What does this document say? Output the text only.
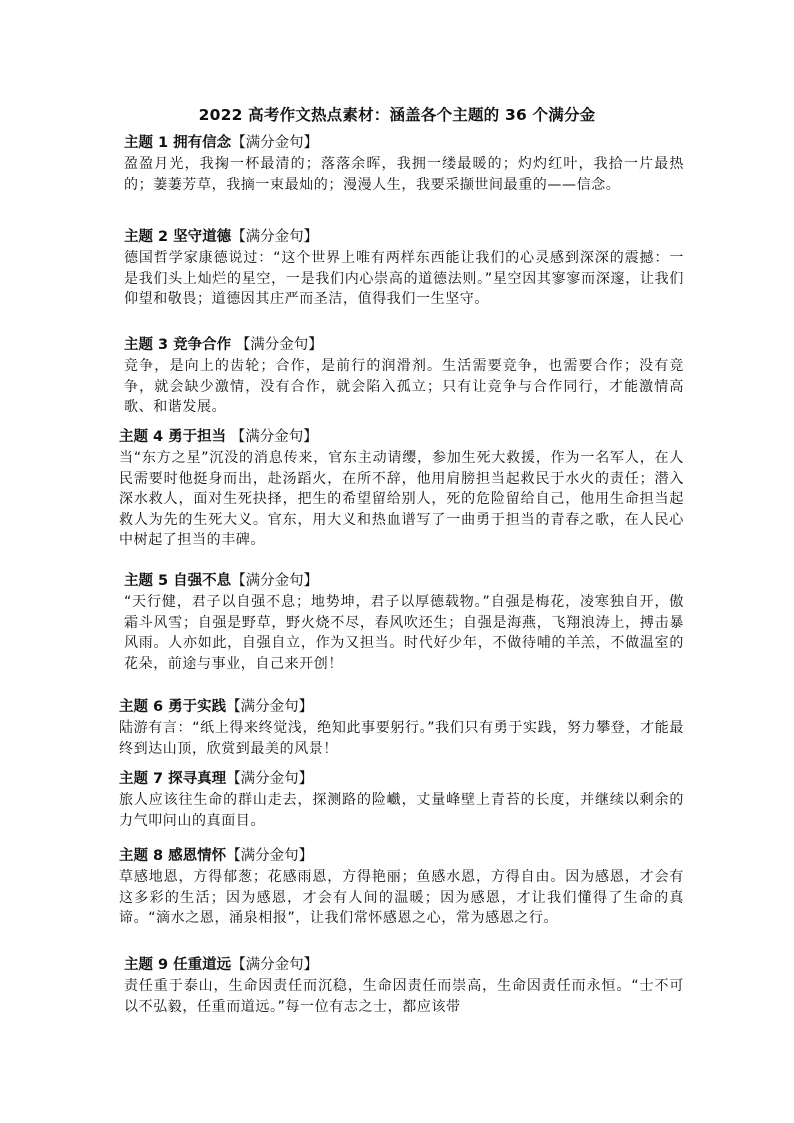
2022 高考作文热点素材：涵盖各个主题的 36 个满分金
主题 1 拥有信念【满分金句】
盈盈月光，我掬一杯最清的；落落余晖，我拥一缕最暖的；灼灼红叶，我拾一片最热的；萋萋芳草，我摘一束最灿的；漫漫人生，我要采撷世间最重的——信念。
主题 2 坚守道德【满分金句】
德国哲学家康德说过：“这个世界上唯有两样东西能让我们的心灵感到深深的震撼：一是我们头上灿烂的星空，一是我们内心崇高的道德法则。”星空因其寥寥而深邃，让我们仰望和敬畏；道德因其庄严而圣洁，值得我们一生坚守。
主题 3 竞争合作 【满分金句】
竞争，是向上的齿轮；合作，是前行的润滑剂。生活需要竞争，也需要合作；没有竞争，就会缺少激情，没有合作，就会陷入孤立；只有让竞争与合作同行，才能激情高歌、和谐发展。
主题 4 勇于担当 【满分金句】
当“东方之星”沉没的消息传来，官东主动请缨，参加生死大救援，作为一名军人，在人民需要时他挺身而出，赴汤蹈火，在所不辞，他用肩膀担当起救民于水火的责任；潜入深水救人，面对生死抉择，把生的希望留给别人，死的危险留给自己，他用生命担当起救人为先的生死大义。官东，用大义和热血谱写了一曲勇于担当的青春之歌，在人民心中树起了担当的丰碑。
主题 5 自强不息【满分金句】
“天行健，君子以自强不息；地势坤，君子以厚德载物。”自强是梅花，凌寒独自开，傲霜斗风雪；自强是野草，野火烧不尽，春风吹还生；自强是海燕，飞翔浪涛上，搏击暴风雨。人亦如此，自强自立，作为又担当。时代好少年，不做待哺的羊羔，不做温室的花朵，前途与事业，自己来开创！
主题 6 勇于实践【满分金句】
陆游有言：“纸上得来终觉浅，绝知此事要躬行。”我们只有勇于实践，努力攀登，才能最终到达山顶，欣赏到最美的风景！
主题 7 探寻真理【满分金句】
旅人应该往生命的群山走去，探测路的险巇，丈量峰壁上青苔的长度，并继续以剩余的力气叩问山的真面目。
主题 8 感恩情怀【满分金句】
草感地恩，方得郁葱；花感雨恩，方得艳丽；鱼感水恩，方得自由。因为感恩，才会有这多彩的生活；因为感恩，才会有人间的温暖；因为感恩，才让我们懂得了生命的真谛。“滴水之恩，涌泉相报”，让我们常怀感恩之心，常为感恩之行。
主题 9 任重道远【满分金句】
责任重于泰山，生命因责任而沉稳，生命因责任而崇高，生命因责任而永恒。“士不可以不弘毅，任重而道远。”每一位有志之士，都应该带
